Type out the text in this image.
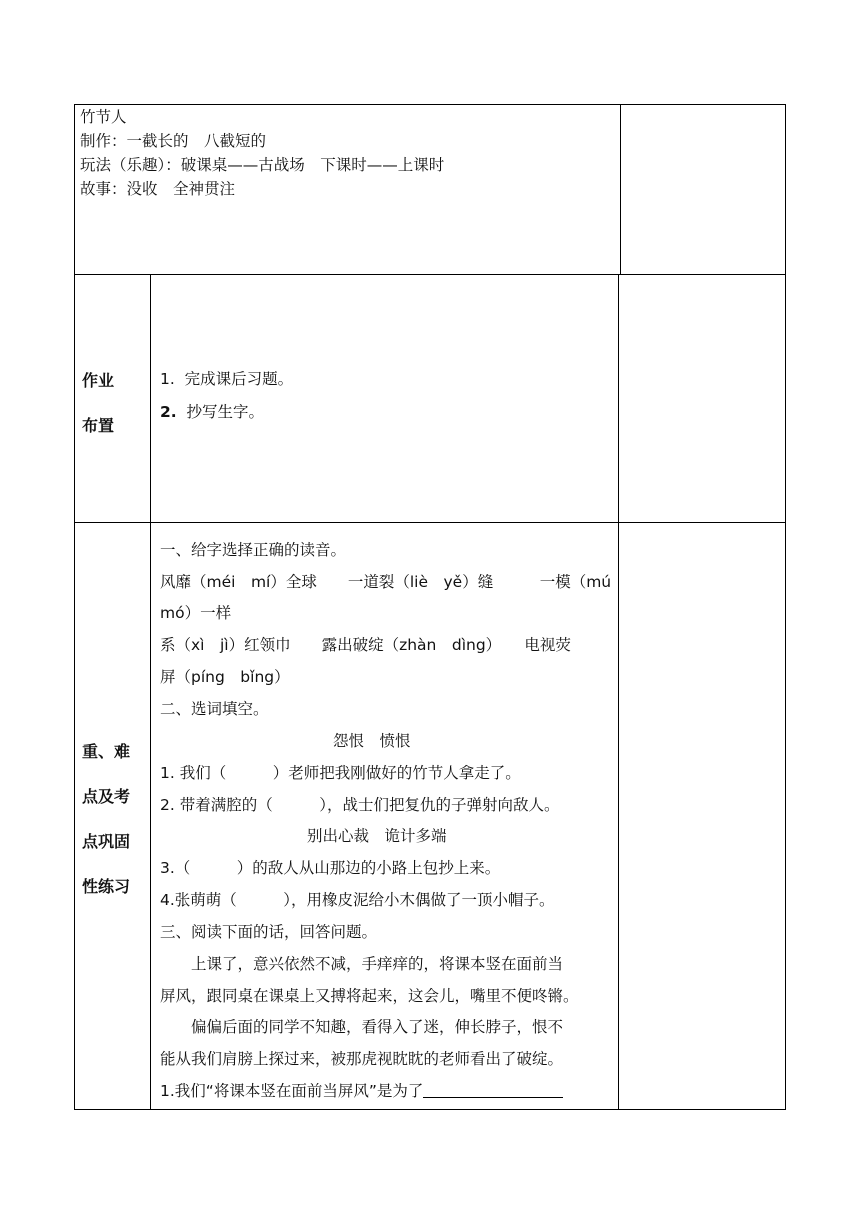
竹节人
制作：一截长的　八截短的
玩法（乐趣）：破课桌——古战场　下课时——上课时
故事：没收　全神贯注
作业
布置
1. 完成课后习题。
2. 抄写生字。
重、难
点及考
点巩固
性练习
一、给字选择正确的读音。
风靡（méi　mí）全球　　一道裂（liè　yě）缝　　　一模（mú
mó）一样
系（xì　jì）红领巾　　露出破绽（zhàn　dìng）　　电视荧
屏（píng　bǐng）
二、选词填空。
怨恨　愤恨
1. 我们（　　　）老师把我刚做好的竹节人拿走了。
2. 带着满腔的（　　　），战士们把复仇的子弹射向敌人。
别出心裁　诡计多端
3.（　　　）的敌人从山那边的小路上包抄上来。
4.张萌萌（　　　），用橡皮泥给小木偶做了一顶小帽子。
三、阅读下面的话，回答问题。
上课了，意兴依然不减，手痒痒的，将课本竖在面前当
屏风，跟同桌在课桌上又搏将起来，这会儿，嘴里不便咚锵。
偏偏后面的同学不知趣，看得入了迷，伸长脖子，恨不
能从我们肩膀上探过来，被那虎视眈眈的老师看出了破绽。
1.我们“将课本竖在面前当屏风”是为了
